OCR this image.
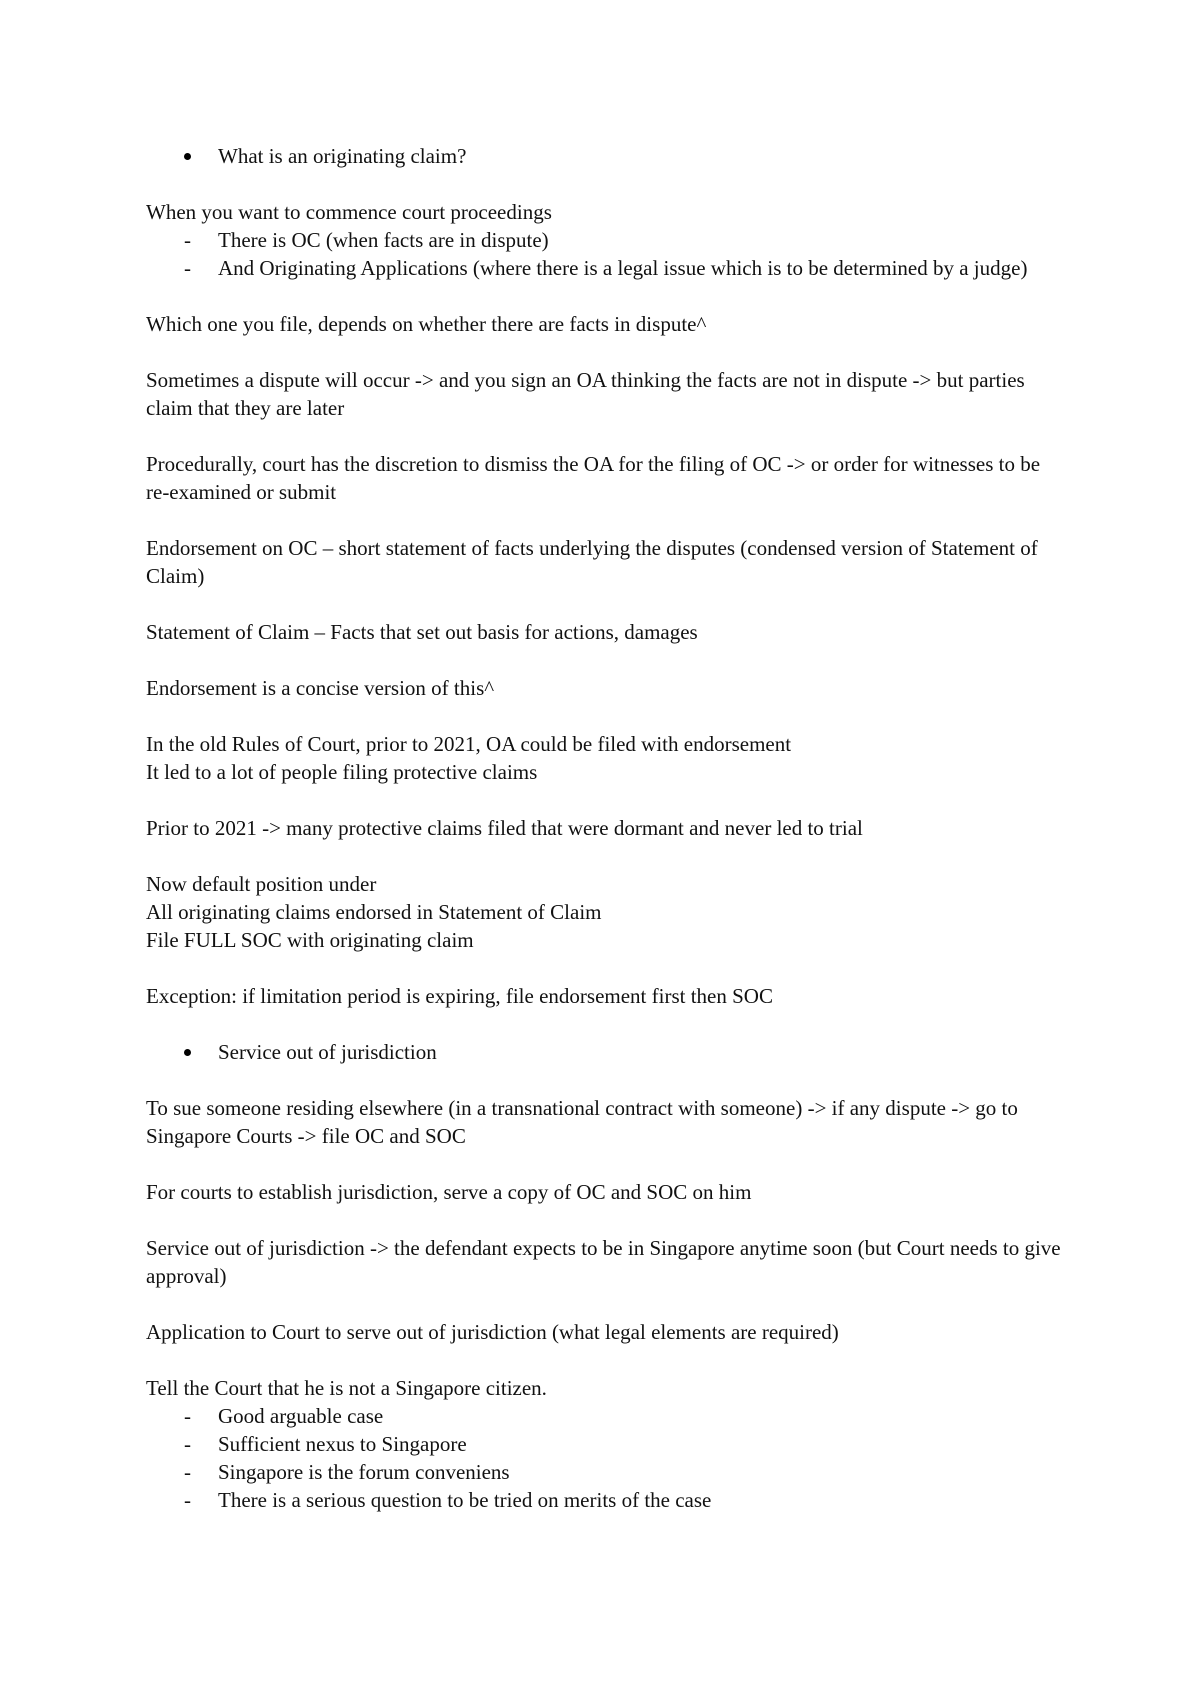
What is an originating claim?

When you want to commence court proceedings

- There is OC (when facts are in dispute)
- And Originating Applications (where there is a legal issue which is to be determined by a judge)

Which one you file, depends on whether there are facts in dispute^

Sometimes a dispute will occur -> and you sign an OA thinking the facts are not in dispute -> but parties claim that they are later

Procedurally, court has the discretion to dismiss the OA for the filing of OC -> or order for witnesses to be re-examined or submit

Endorsement on OC – short statement of facts underlying the disputes (condensed version of Statement of Claim)

Statement of Claim – Facts that set out basis for actions, damages

Endorsement is a concise version of this^

In the old Rules of Court, prior to 2021, OA could be filed with endorsement
It led to a lot of people filing protective claims

Prior to 2021 -> many protective claims filed that were dormant and never led to trial

Now default position under
All originating claims endorsed in Statement of Claim
File FULL SOC with originating claim

Exception: if limitation period is expiring, file endorsement first then SOC

Service out of jurisdiction

To sue someone residing elsewhere (in a transnational contract with someone) -> if any dispute -> go to Singapore Courts -> file OC and SOC

For courts to establish jurisdiction, serve a copy of OC and SOC on him

Service out of jurisdiction -> the defendant expects to be in Singapore anytime soon (but Court needs to give approval)

Application to Court to serve out of jurisdiction (what legal elements are required)

Tell the Court that he is not a Singapore citizen.

- Good arguable case
- Sufficient nexus to Singapore
- Singapore is the forum conveniens
- There is a serious question to be tried on merits of the case
